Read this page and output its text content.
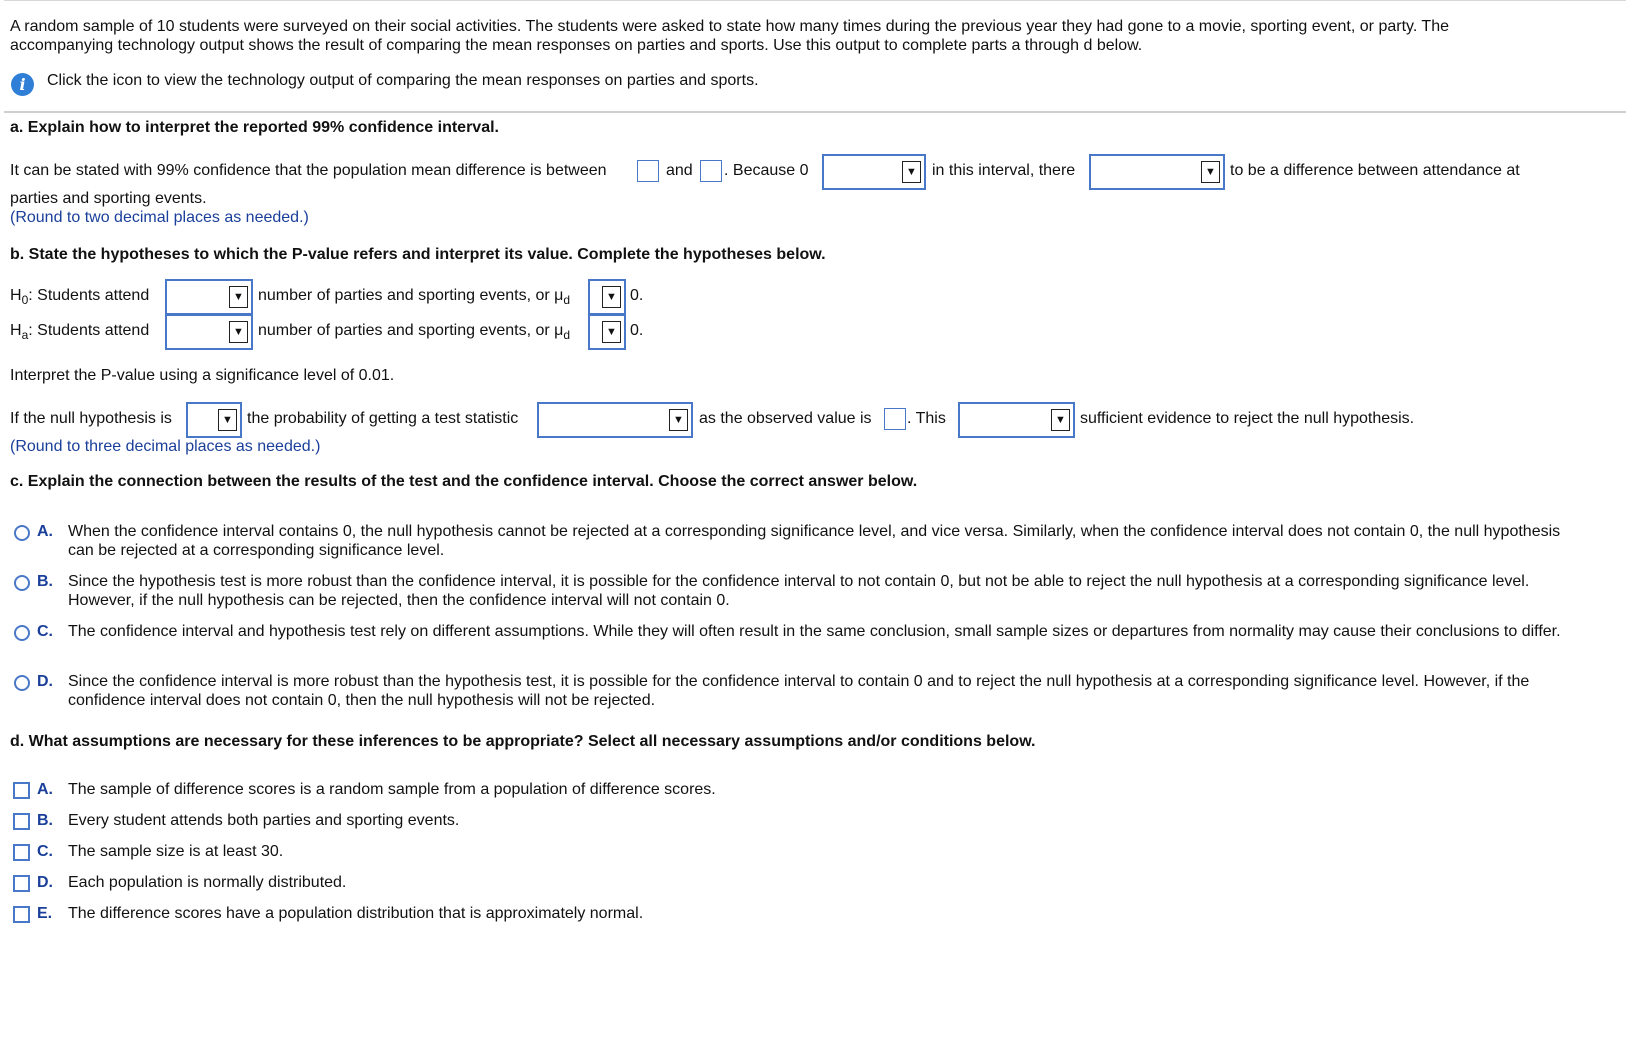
A random sample of 10 students were surveyed on their social activities. The students were asked to state how many times during the previous year they had gone to a movie, sporting event, or party. The
accompanying technology output shows the result of comparing the mean responses on parties and sports. Use this output to complete parts a through d below.
i	Click the icon to view the technology output of comparing the mean responses on parties and sports.
a. Explain how to interpret the reported 99% confidence interval.
It can be stated with 99% confidence that the population mean difference is between	and . Because 0	▼ in this interval, there	▼ to be a difference between attendance at
parties and sporting events.
(Round to two decimal places as needed.)
b. State the hypotheses to which the P-value refers and interpret its value. Complete the hypotheses below.
$H_0$: Students attend	▼ number of parties and sporting events, or $\mu_d$	▼ 0.
$H_a$: Students attend	▼ number of parties and sporting events, or $\mu_d$	▼ 0.
Interpret the P-value using a significance level of 0.01.
If the null hypothesis is	▼ the probability of getting a test statistic	▼ as the observed value is . This	▼ sufficient evidence to reject the null hypothesis.
(Round to three decimal places as needed.)
c. Explain the connection between the results of the test and the confidence interval. Choose the correct answer below.
A. When the confidence interval contains 0, the null hypothesis cannot be rejected at a corresponding significance level, and vice versa. Similarly, when the confidence interval does not contain 0, the null hypothesis can be rejected at a corresponding significance level.
B. Since the hypothesis test is more robust than the confidence interval, it is possible for the confidence interval to not contain 0, but not be able to reject the null hypothesis at a corresponding significance level. However, if the null hypothesis can be rejected, then the confidence interval will not contain 0.
C. The confidence interval and hypothesis test rely on different assumptions. While they will often result in the same conclusion, small sample sizes or departures from normality may cause their conclusions to differ.
D. Since the confidence interval is more robust than the hypothesis test, it is possible for the confidence interval to contain 0 and to reject the null hypothesis at a corresponding significance level. However, if the confidence interval does not contain 0, then the null hypothesis will not be rejected.
d. What assumptions are necessary for these inferences to be appropriate? Select all necessary assumptions and/or conditions below.
A. The sample of difference scores is a random sample from a population of difference scores.
B. Every student attends both parties and sporting events.
C. The sample size is at least 30.
D. Each population is normally distributed.
E. The difference scores have a population distribution that is approximately normal.
